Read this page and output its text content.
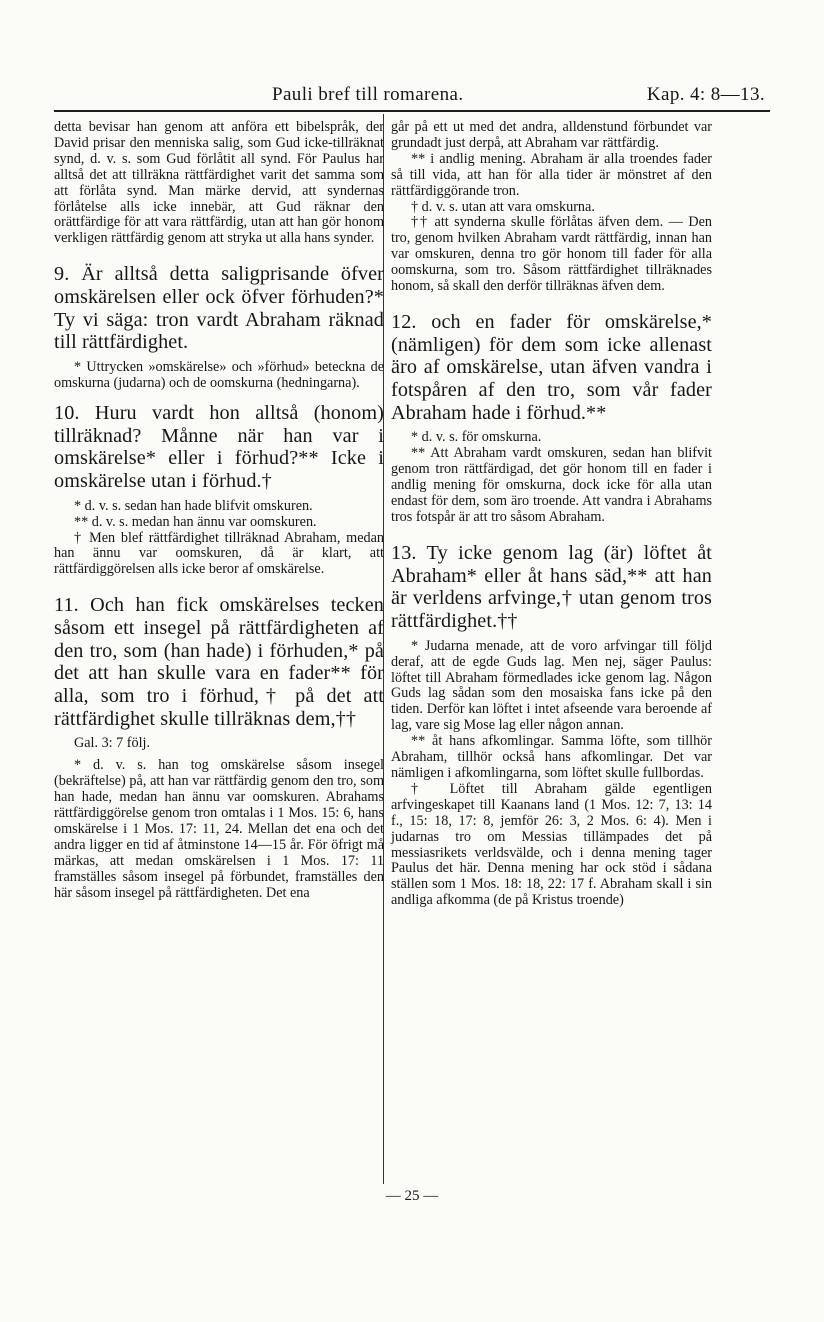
Pauli bref till romarena.	Kap. 4: 8—13.

detta bevisar han genom att anföra ett bibelspråk, der David prisar den menniska salig, som Gud icke-tillräknat synd, d. v. s. som Gud förlåtit all synd. För Paulus har alltså det att tillräkna rättfärdighet varit det samma som att förlåta synd. Man märke dervid, att syndernas förlåtelse alls icke innebär, att Gud räknar den orättfärdige för att vara rättfärdig, utan att han gör honom verkligen rättfärdig genom att stryka ut alla hans synder.

9. Är alltså detta saligprisande öfver omskärelsen eller ock öfver förhuden?* Ty vi säga: tron vardt Abraham räknad till rättfärdighet.

* Uttrycken »omskärelse» och »förhud» beteckna de omskurna (judarna) och de oomskurna (hedningarna).

10. Huru vardt hon alltså (honom) tillräknad? Månne när han var i omskärelse* eller i förhud?** Icke i omskärelse utan i förhud.†

* d. v. s. sedan han hade blifvit omskuren.

** d. v. s. medan han ännu var oomskuren.

† Men blef rättfärdighet tillräknad Abraham, medan han ännu var oomskuren, då är klart, att rättfärdiggörelsen alls icke beror af omskärelse.

11. Och han fick omskärelses tecken såsom ett insegel på rättfärdigheten af den tro, som (han hade) i förhuden,* på det att han skulle vara en fader** för alla, som tro i förhud,† på det att rättfärdighet skulle tillräknas dem,††

Gal. 3: 7 följ.

* d. v. s. han tog omskärelse såsom insegel (bekräftelse) på, att han var rättfärdig genom den tro, som han hade, medan han ännu var oomskuren. Abrahams rättfärdiggörelse genom tron omtalas i 1 Mos. 15: 6, hans omskärelse i 1 Mos. 17: 11, 24. Mellan det ena och det andra ligger en tid af åtminstone 14—15 år. För öfrigt må märkas, att medan omskärelsen i 1 Mos. 17: 11 framställes såsom insegel på förbundet, framställes den här såsom insegel på rättfärdigheten. Det ena

går på ett ut med det andra, alldenstund förbundet var grundadt just derpå, att Abraham var rättfärdig.

** i andlig mening. Abraham är alla troendes fader så till vida, att han för alla tider är mönstret af den rättfärdiggörande tron.

† d. v. s. utan att vara omskurna.

†† att synderna skulle förlåtas äfven dem. — Den tro, genom hvilken Abraham vardt rättfärdig, innan han var omskuren, denna tro gör honom till fader för alla oomskurna, som tro. Såsom rättfärdighet tillräknades honom, så skall den derför tillräknas äfven dem.

12. och en fader för omskärelse,* (nämligen) för dem som icke allenast äro af omskärelse, utan äfven vandra i fotspåren af den tro, som vår fader Abraham hade i förhud.**

* d. v. s. för omskurna.

** Att Abraham vardt omskuren, sedan han blifvit genom tron rättfärdigad, det gör honom till en fader i andlig mening för omskurna, dock icke för alla utan endast för dem, som äro troende. Att vandra i Abrahams tros fotspår är att tro såsom Abraham.

13. Ty icke genom lag (är) löftet åt Abraham* eller åt hans säd,** att han är verldens arfvinge,† utan genom tros rättfärdighet.††

* Judarna menade, att de voro arfvingar till följd deraf, att de egde Guds lag. Men nej, säger Paulus: löftet till Abraham förmedlades icke genom lag. Någon Guds lag sådan som den mosaiska fans icke på den tiden. Derför kan löftet i intet afseende vara beroende af lag, vare sig Mose lag eller någon annan.

** åt hans afkomlingar. Samma löfte, som tillhör Abraham, tillhör också hans afkomlingar. Det var nämligen i afkomlingarna, som löftet skulle fullbordas.

† Löftet till Abraham gälde egentligen arfvingeskapet till Kaanans land (1 Mos. 12: 7, 13: 14 f., 15: 18, 17: 8, jemför 26: 3, 2 Mos. 6: 4). Men i judarnas tro om Messias tillämpades det på messiasrikets verldsvälde, och i denna mening tager Paulus det här. Denna mening har ock stöd i sådana ställen som 1 Mos. 18: 18, 22: 17 f. Abraham skall i sin andliga afkomma (de på Kristus troende)

— 25 —
